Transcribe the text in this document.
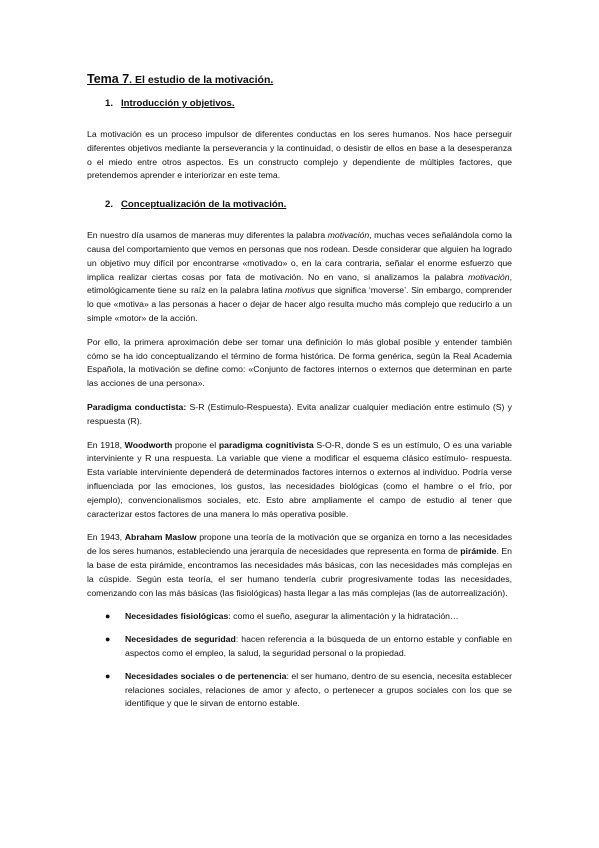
Tema 7. El estudio de la motivación.
1. Introducción y objetivos.

La motivación es un proceso impulsor de diferentes conductas en los seres humanos. Nos hace perseguir diferentes objetivos mediante la perseverancia y la continuidad, o desistir de ellos en base a la desesperanza o el miedo entre otros aspectos. Es un constructo complejo y dependiente de múltiples factores, que pretendemos aprender e interiorizar en este tema.

2. Conceptualización de la motivación.

En nuestro día usamos de maneras muy diferentes la palabra motivación, muchas veces señalándola como la causa del comportamiento que vemos en personas que nos rodean. Desde considerar que alguien ha logrado un objetivo muy difícil por encontrarse «motivado» o, en la cara contraria, señalar el enorme esfuerzo que implica realizar ciertas cosas por fata de motivación. No en vano, si analizamos la palabra motivación, etimológicamente tiene su raíz en la palabra latina motivus que significa ‘moverse’. Sin embargo, comprender lo que «motiva» a las personas a hacer o dejar de hacer algo resulta mucho más complejo que reducirlo a un simple «motor» de la acción.

Por ello, la primera aproximación debe ser tomar una definición lo más global posible y entender también cómo se ha ido conceptualizando el término de forma histórica. De forma genérica, según la Real Academia Española, la motivación se define como: «Conjunto de factores internos o externos que determinan en parte las acciones de una persona».

Paradigma conductista: S-R (Estimulo-Respuesta). Evita analizar cualquier mediación entre estimulo (S) y respuesta (R).

En 1918, Woodworth propone el paradigma cognitivista S-O-R, donde S es un estímulo, O es una variable interviniente y R una respuesta. La variable que viene a modificar el esquema clásico estímulo- respuesta. Esta variable interviniente dependerá de determinados factores internos o externos al individuo. Podría verse influenciada por las emociones, los gustos, las necesidades biológicas (como el hambre o el frío, por ejemplo), convencionalismos sociales, etc. Esto abre ampliamente el campo de estudio al tener que caracterizar estos factores de una manera lo más operativa posible.

En 1943, Abraham Maslow propone una teoría de la motivación que se organiza en torno a las necesidades de los seres humanos, estableciendo una jerarquía de necesidades que representa en forma de pirámide. En la base de esta pirámide, encontramos las necesidades más básicas, con las necesidades más complejas en la cúspide. Según esta teoría, el ser humano tendería cubrir progresivamente todas las necesidades, comenzando con las más básicas (las fisiológicas) hasta llegar a las más complejas (las de autorrealización).

● Necesidades fisiológicas: como el sueño, asegurar la alimentación y la hidratación…
● Necesidades de seguridad: hacen referencia a la búsqueda de un entorno estable y confiable en aspectos como el empleo, la salud, la seguridad personal o la propiedad.
● Necesidades sociales o de pertenencia: el ser humano, dentro de su esencia, necesita establecer relaciones sociales, relaciones de amor y afecto, o pertenecer a grupos sociales con los que se identifique y que le sirvan de entorno estable.
